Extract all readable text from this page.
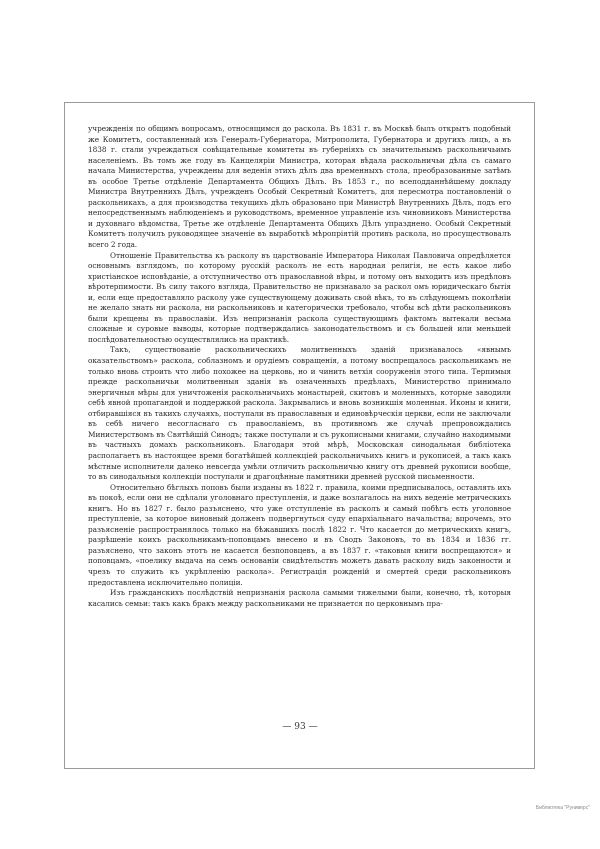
учрежденія по общимъ вопросамъ, относящимся до раскола. Въ 1831 г. въ Москвѣ былъ открытъ подобный же Комитетъ, составленный изъ Генералъ-Губернатора, Митрополита, Губернатора и другихъ лицъ, а въ 1838 г. стали учреждаться совѣщательные комитеты въ губерніяхъ съ значительнымъ раскольничьимъ населеніемъ. Въ томъ же году въ Канцеляріи Министра, которая вѣдала раскольничьи дѣла съ самаго начала Министерства, учреждены для веденія этихъ дѣлъ два временныхъ стола, преобразованные затѣмъ въ особое Третье отдѣленіе Департамента Общихъ Дѣлъ. Въ 1853 г., по всеподданнѣйшему докладу Министра Внутреннихъ Дѣлъ, учрежденъ Особый Секретный Комитетъ, для пересмотра постановленій о раскольникахъ, а для производства текущихъ дѣлъ образовано при Министрѣ Внутреннихъ Дѣлъ, подъ его непосредственнымъ наблюденіемъ и руководствомъ, временное управленіе изъ чиновниковъ Министерства и духовнаго вѣдомства, Третье же отдѣленіе Департамента Общихъ Дѣлъ упразднено. Особый Секретный Комитетъ получилъ руководящее значеніе въ выработкѣ мѣропріятій противъ раскола, но просуществовалъ всего 2 года.

Отношеніе Правительства къ расколу въ царствованіе Императора Николая Павловича опредѣляется основнымъ взглядомъ, по которому русскій расколъ не есть народная религія, не есть какое либо христіанское исповѣданіе, а отступничество отъ православной вѣры, и потому онъ выходитъ изъ предѣловъ вѣротерпимости. Въ силу такого взгляда, Правительство не признавало за раскол омъ юридическаго бытія и, если еще предоставляло расколу уже существующему доживать свой вѣкъ, то въ слѣдующемъ поколѣніи не желало знать ни раскола, ни раскольниковъ и категорически требовало, чтобы всѣ дѣти раскольниковъ были крещены въ православіи. Изъ непризнанія раскола существующимъ фактомъ вытекали весьма сложные и суровые выводы, которые подтверждались законодательствомъ и съ большей или меньшей послѣдовательностью осуществлялись на практикѣ.

Такъ, существованіе раскольническихъ молитвенныхъ зданій признавалось «явнымъ оказательствомъ» раскола, соблазномъ и орудіемъ совращенія, а потому воспрещалось раскольникамъ не только вновь строить что либо похожее на церковь, но и чинить ветхія сооруженія этого типа. Терпимыя прежде раскольничьи молитвенныя зданія въ означенныхъ предѣлахъ, Министерство принимало энергичныя мѣры для уничтоженія раскольничьихъ монастырей, скитовъ и моленныхъ, которые заводили себѣ явной пропагандой и поддержкой раскола. Закрывались и вновь возникшія моленныя. Иконы и книги, отбиравшіяся въ такихъ случаяхъ, поступали въ православныя и единовѣрческія церкви, если не заключали въ себѣ ничего несогласнаго съ православіемъ, въ противномъ же случаѣ препровождались Министерствомъ въ Святѣйшій Синодъ; также поступали и съ рукописными книгами, случайно находимыми въ частныхъ домахъ раскольниковъ. Благодаря этой мѣрѣ, Московская синодальная библіотека располагаетъ въ настоящее время богатѣйшей коллекціей раскольничьихъ книгъ и рукописей, а такъ какъ мѣстные исполнители далеко невсегда умѣли отличить раскольничью книгу отъ древней рукописи вообще, то въ синодальныя коллекціи поступали и драгоцѣнные памятники древней русской письменности.

Относительно бѣглыхъ поповъ были изданы въ 1822 г. правила, коими предписывалось, оставлять ихъ въ покоѣ, если они не сдѣлали уголовнаго преступленія, и даже возлагалось на нихъ веденіе метрическихъ книгъ. Но въ 1827 г. было разъяснено, что уже отступленіе въ расколъ и самый побѣгъ есть уголовное преступленіе, за которое виновный долженъ подвергнуться суду епархіальнаго начальства; впрочемъ, это разъясненіе распространялось только на бѣжавшихъ послѣ 1822 г. Что касается до метрическихъ книгъ, разрѣшеніе коихъ раскольникамъ-поповцамъ внесено и въ Сводъ Законовъ, то въ 1834 и 1836 гг. разъяснено, что законъ этотъ не касается безпоповцевъ, а въ 1837 г. «таковыя книги воспрещаются» и поповцамъ, «поелику выдача на семъ основаніи свидѣтельствъ можетъ давать расколу видъ законности и чрезъ то служить къ укрѣпленію раскола». Регистрація рожденій и смертей среди раскольниковъ предоставлена исключительно полиціи.

Изъ гражданскихъ послѣдствій непризнанія раскола самыми тяжелыми были, конечно, тѣ, которыя касались семьи: такъ какъ бракъ между раскольниками не признается по церковнымъ пра-

— 93 —
Библиотека "Руниверс"
